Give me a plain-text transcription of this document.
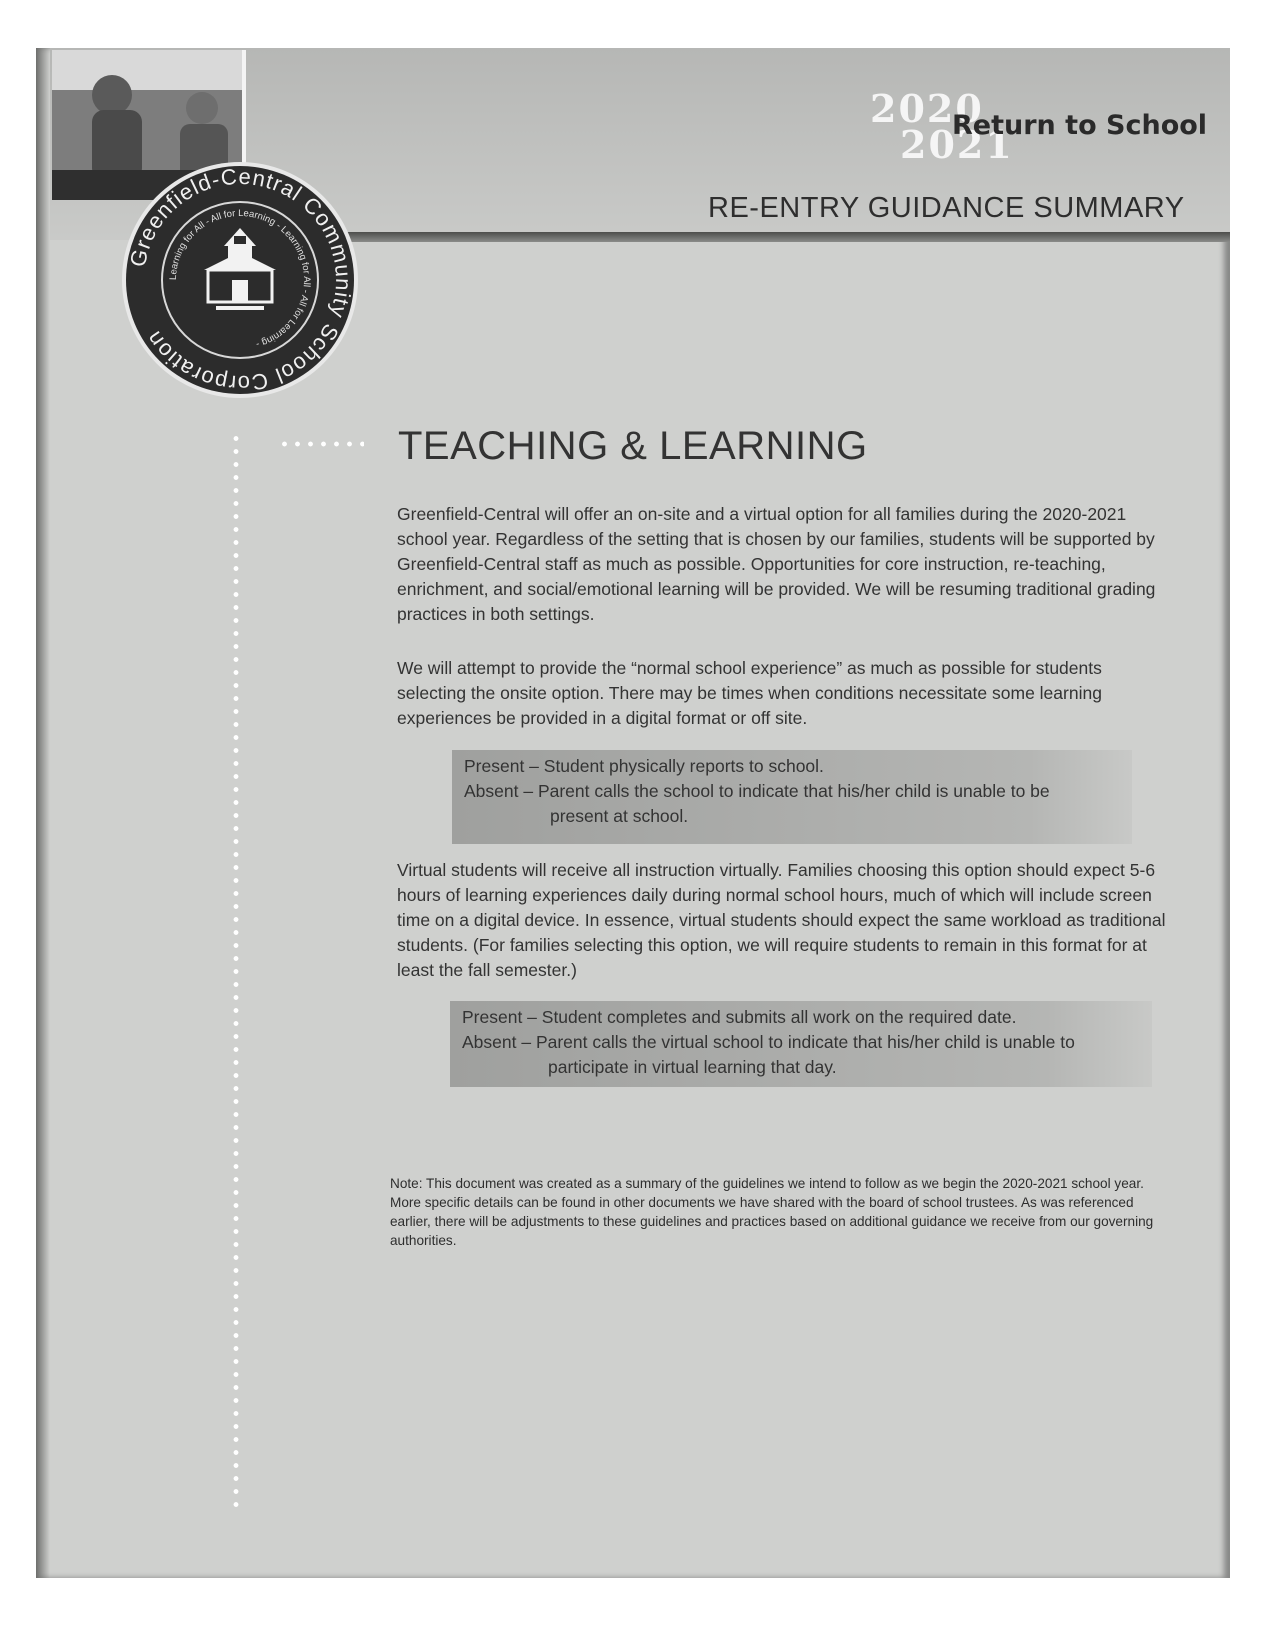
Greenfield-Central Community School Corporation
Learning for All - All for Learning - Learning for All - All for Learning -
2020
2021
Return to School
RE-ENTRY GUIDANCE SUMMARY
TEACHING & LEARNING

Greenfield-Central will offer an on-site and a virtual option for all families during the 2020-2021 school year. Regardless of the setting that is chosen by our families, students will be supported by Greenfield-Central staff as much as possible. Opportunities for core instruction, re-teaching, enrichment, and social/emotional learning will be provided. We will be resuming traditional grading practices in both settings.

We will attempt to provide the “normal school experience” as much as possible for students selecting the onsite option. There may be times when conditions necessitate some learning experiences be provided in a digital format or off site.

Present – Student physically reports to school.
Absent – Parent calls the school to indicate that his/her child is unable to be
present at school.

Virtual students will receive all instruction virtually. Families choosing this option should expect 5-6 hours of learning experiences daily during normal school hours, much of which will include screen time on a digital device. In essence, virtual students should expect the same workload as traditional students. (For families selecting this option, we will require students to remain in this format for at least the fall semester.)

Present – Student completes and submits all work on the required date.
Absent – Parent calls the virtual school to indicate that his/her child is unable to
participate in virtual learning that day.

Note: This document was created as a summary of the guidelines we intend to follow as we begin the 2020-2021 school year. More specific details can be found in other documents we have shared with the board of school trustees. As was referenced earlier, there will be adjustments to these guidelines and practices based on additional guidance we receive from our governing authorities.
